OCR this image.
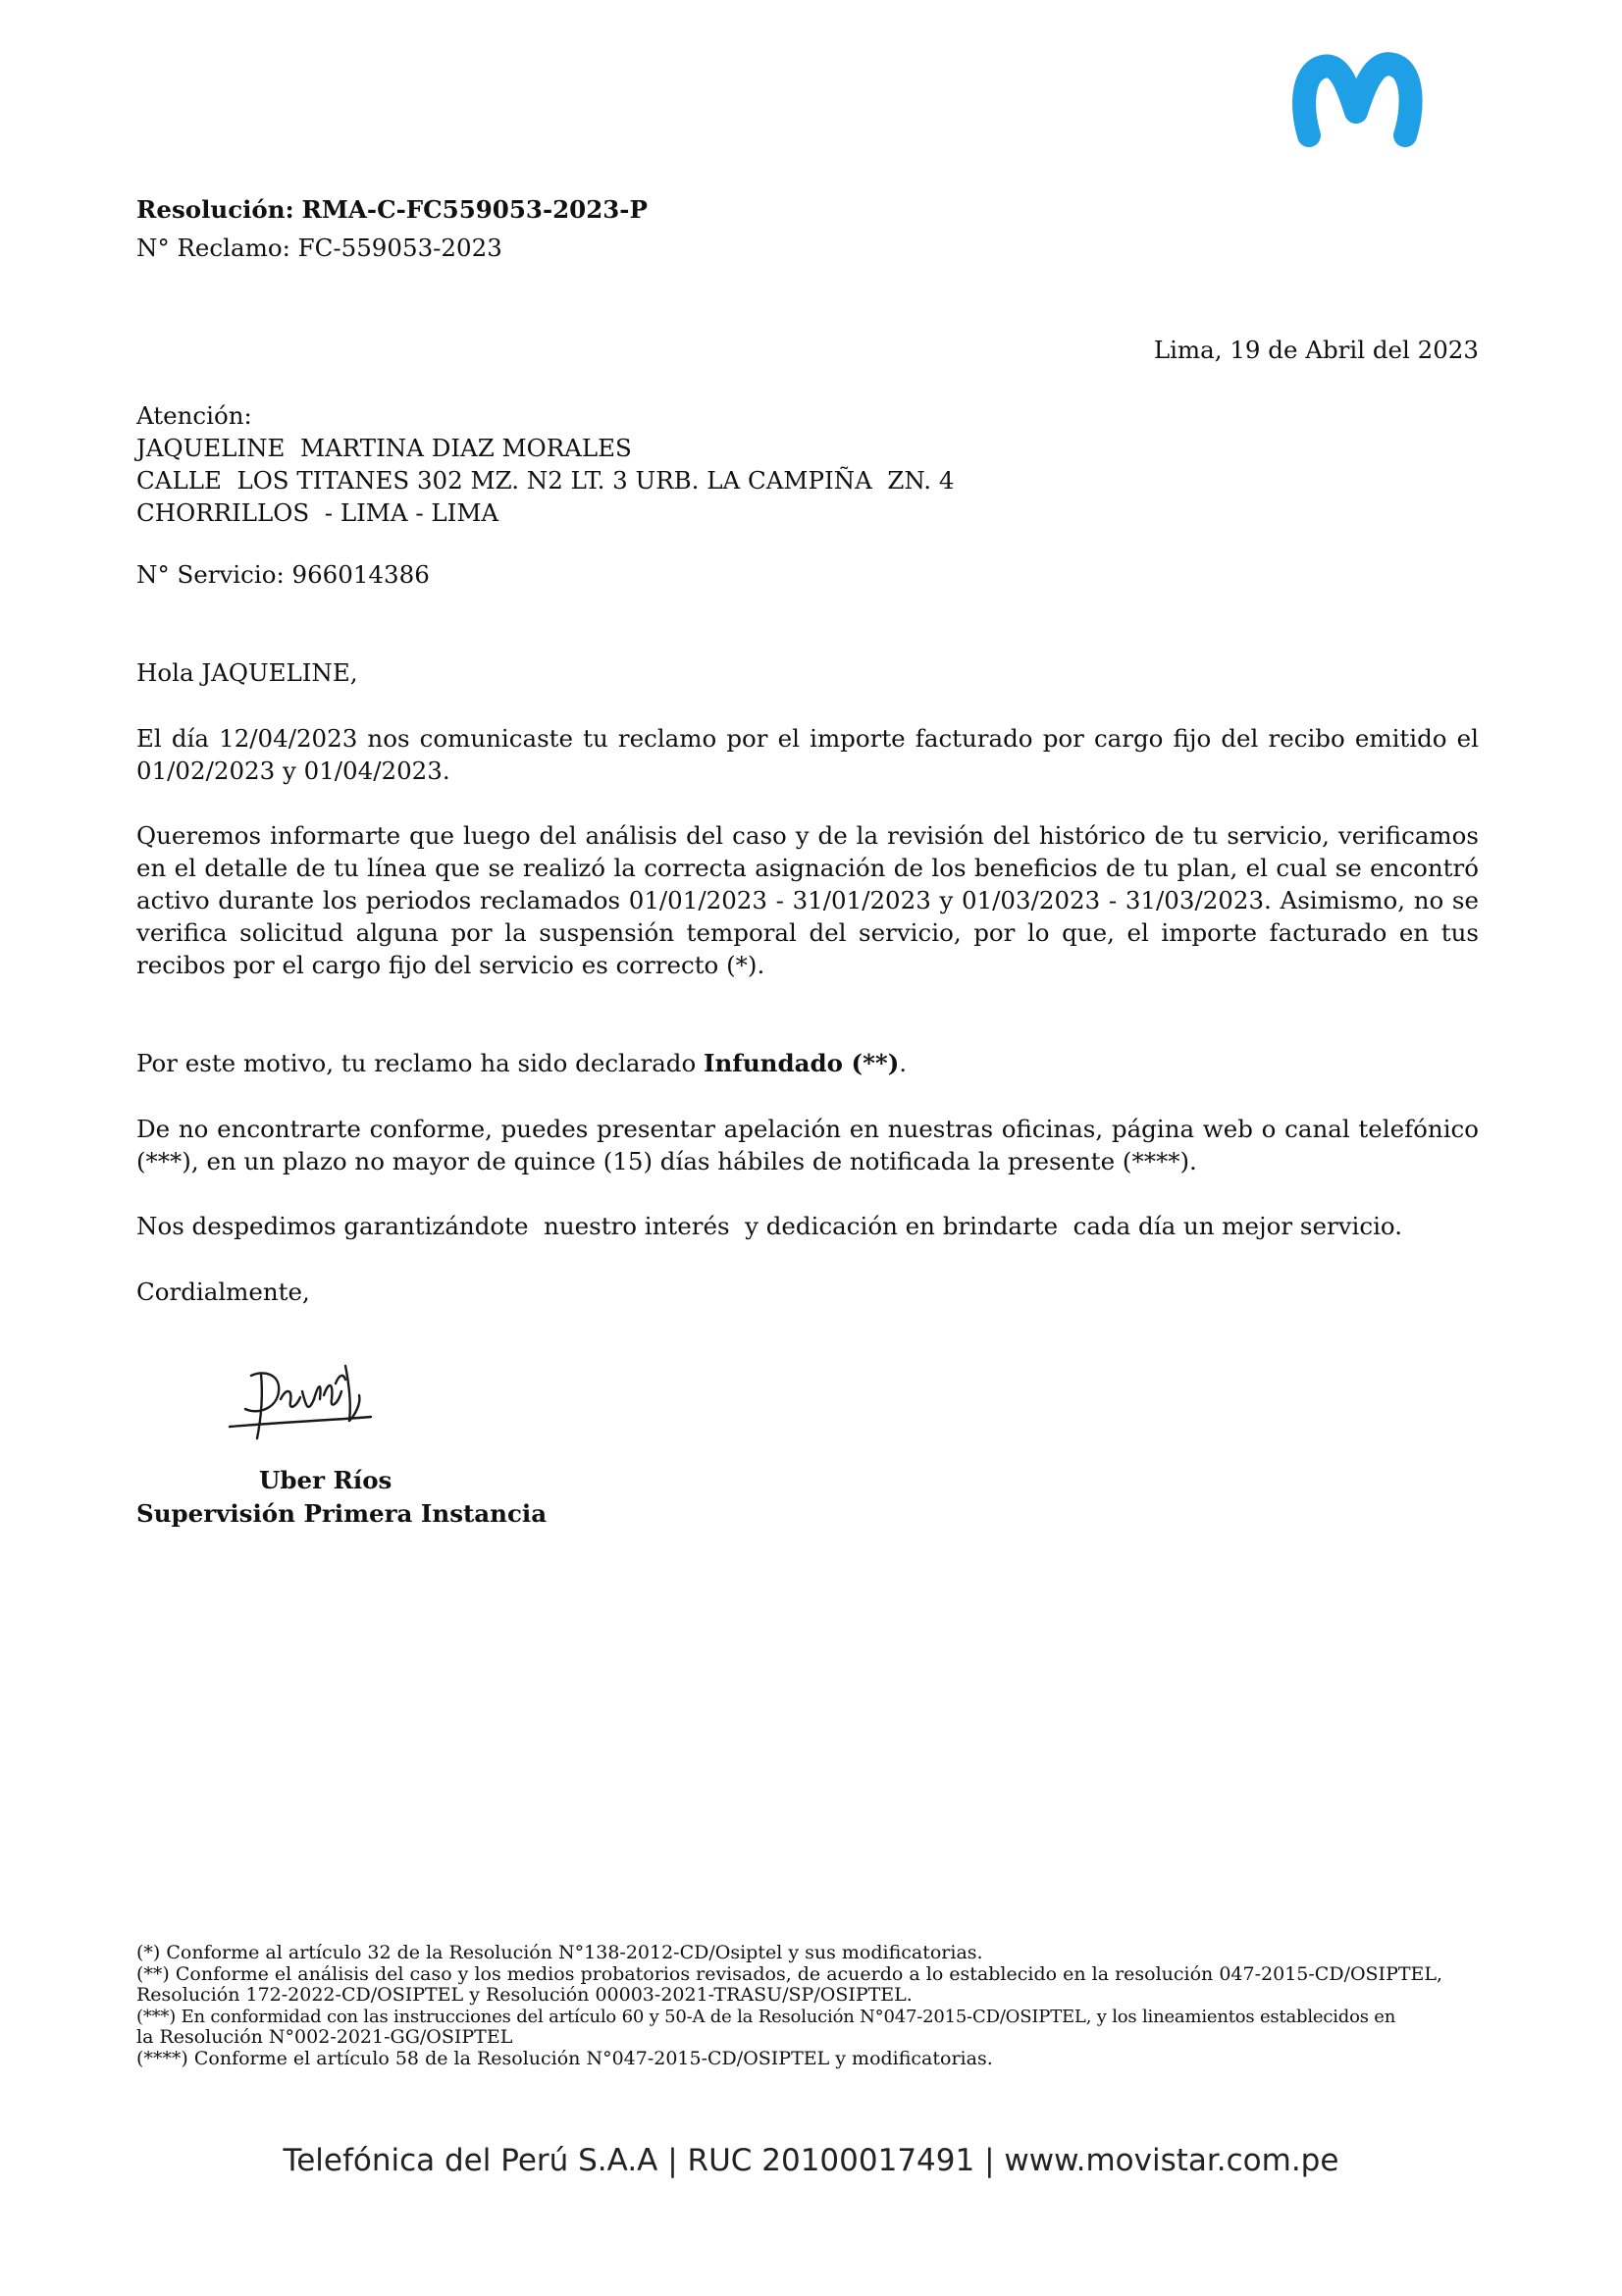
Resolución: RMA-C-FC559053-2023-P
N° Reclamo: FC-559053-2023
Lima, 19 de Abril del 2023
Atención:
JAQUELINE  MARTINA DIAZ MORALES
CALLE  LOS TITANES 302 MZ. N2 LT. 3 URB. LA CAMPIÑA  ZN. 4
CHORRILLOS  - LIMA - LIMA
N° Servicio: 966014386
Hola JAQUELINE,
El día 12/04/2023 nos comunicaste tu reclamo por el importe facturado por cargo fijo del recibo emitido el 01/02/2023 y 01/04/2023.
Queremos informarte que luego del análisis del caso y de la revisión del histórico de tu servicio, verificamos en el detalle de tu línea que se realizó la correcta asignación de los beneficios de tu plan, el cual se encontró activo durante los periodos reclamados 01/01/2023 - 31/01/2023 y 01/03/2023 - 31/03/2023. Asimismo, no se verifica solicitud alguna por la suspensión temporal del servicio, por lo que, el importe facturado en tus recibos por el cargo fijo del servicio es correcto (*).
Por este motivo, tu reclamo ha sido declarado Infundado (**).
De no encontrarte conforme, puedes presentar apelación en nuestras oficinas, página web o canal telefónico (***), en un plazo no mayor de quince (15) días hábiles de notificada la presente (****).
Nos despedimos garantizándote  nuestro interés  y dedicación en brindarte  cada día un mejor servicio.
Cordialmente,
Uber Ríos
Supervisión Primera Instancia
(*) Conforme al artículo 32 de la Resolución N°138-2012-CD/Osiptel y sus modificatorias.
(**) Conforme el análisis del caso y los medios probatorios revisados, de acuerdo a lo establecido en la resolución 047-2015-CD/OSIPTEL,
Resolución 172-2022-CD/OSIPTEL y Resolución 00003-2021-TRASU/SP/OSIPTEL.
(***) En conformidad con las instrucciones del artículo 60 y 50-A de la Resolución N°047-2015-CD/OSIPTEL, y los lineamientos establecidos en
la Resolución N°002-2021-GG/OSIPTEL
(****) Conforme el artículo 58 de la Resolución N°047-2015-CD/OSIPTEL y modificatorias.
Telefónica del Perú S.A.A | RUC 20100017491 | www.movistar.com.pe
